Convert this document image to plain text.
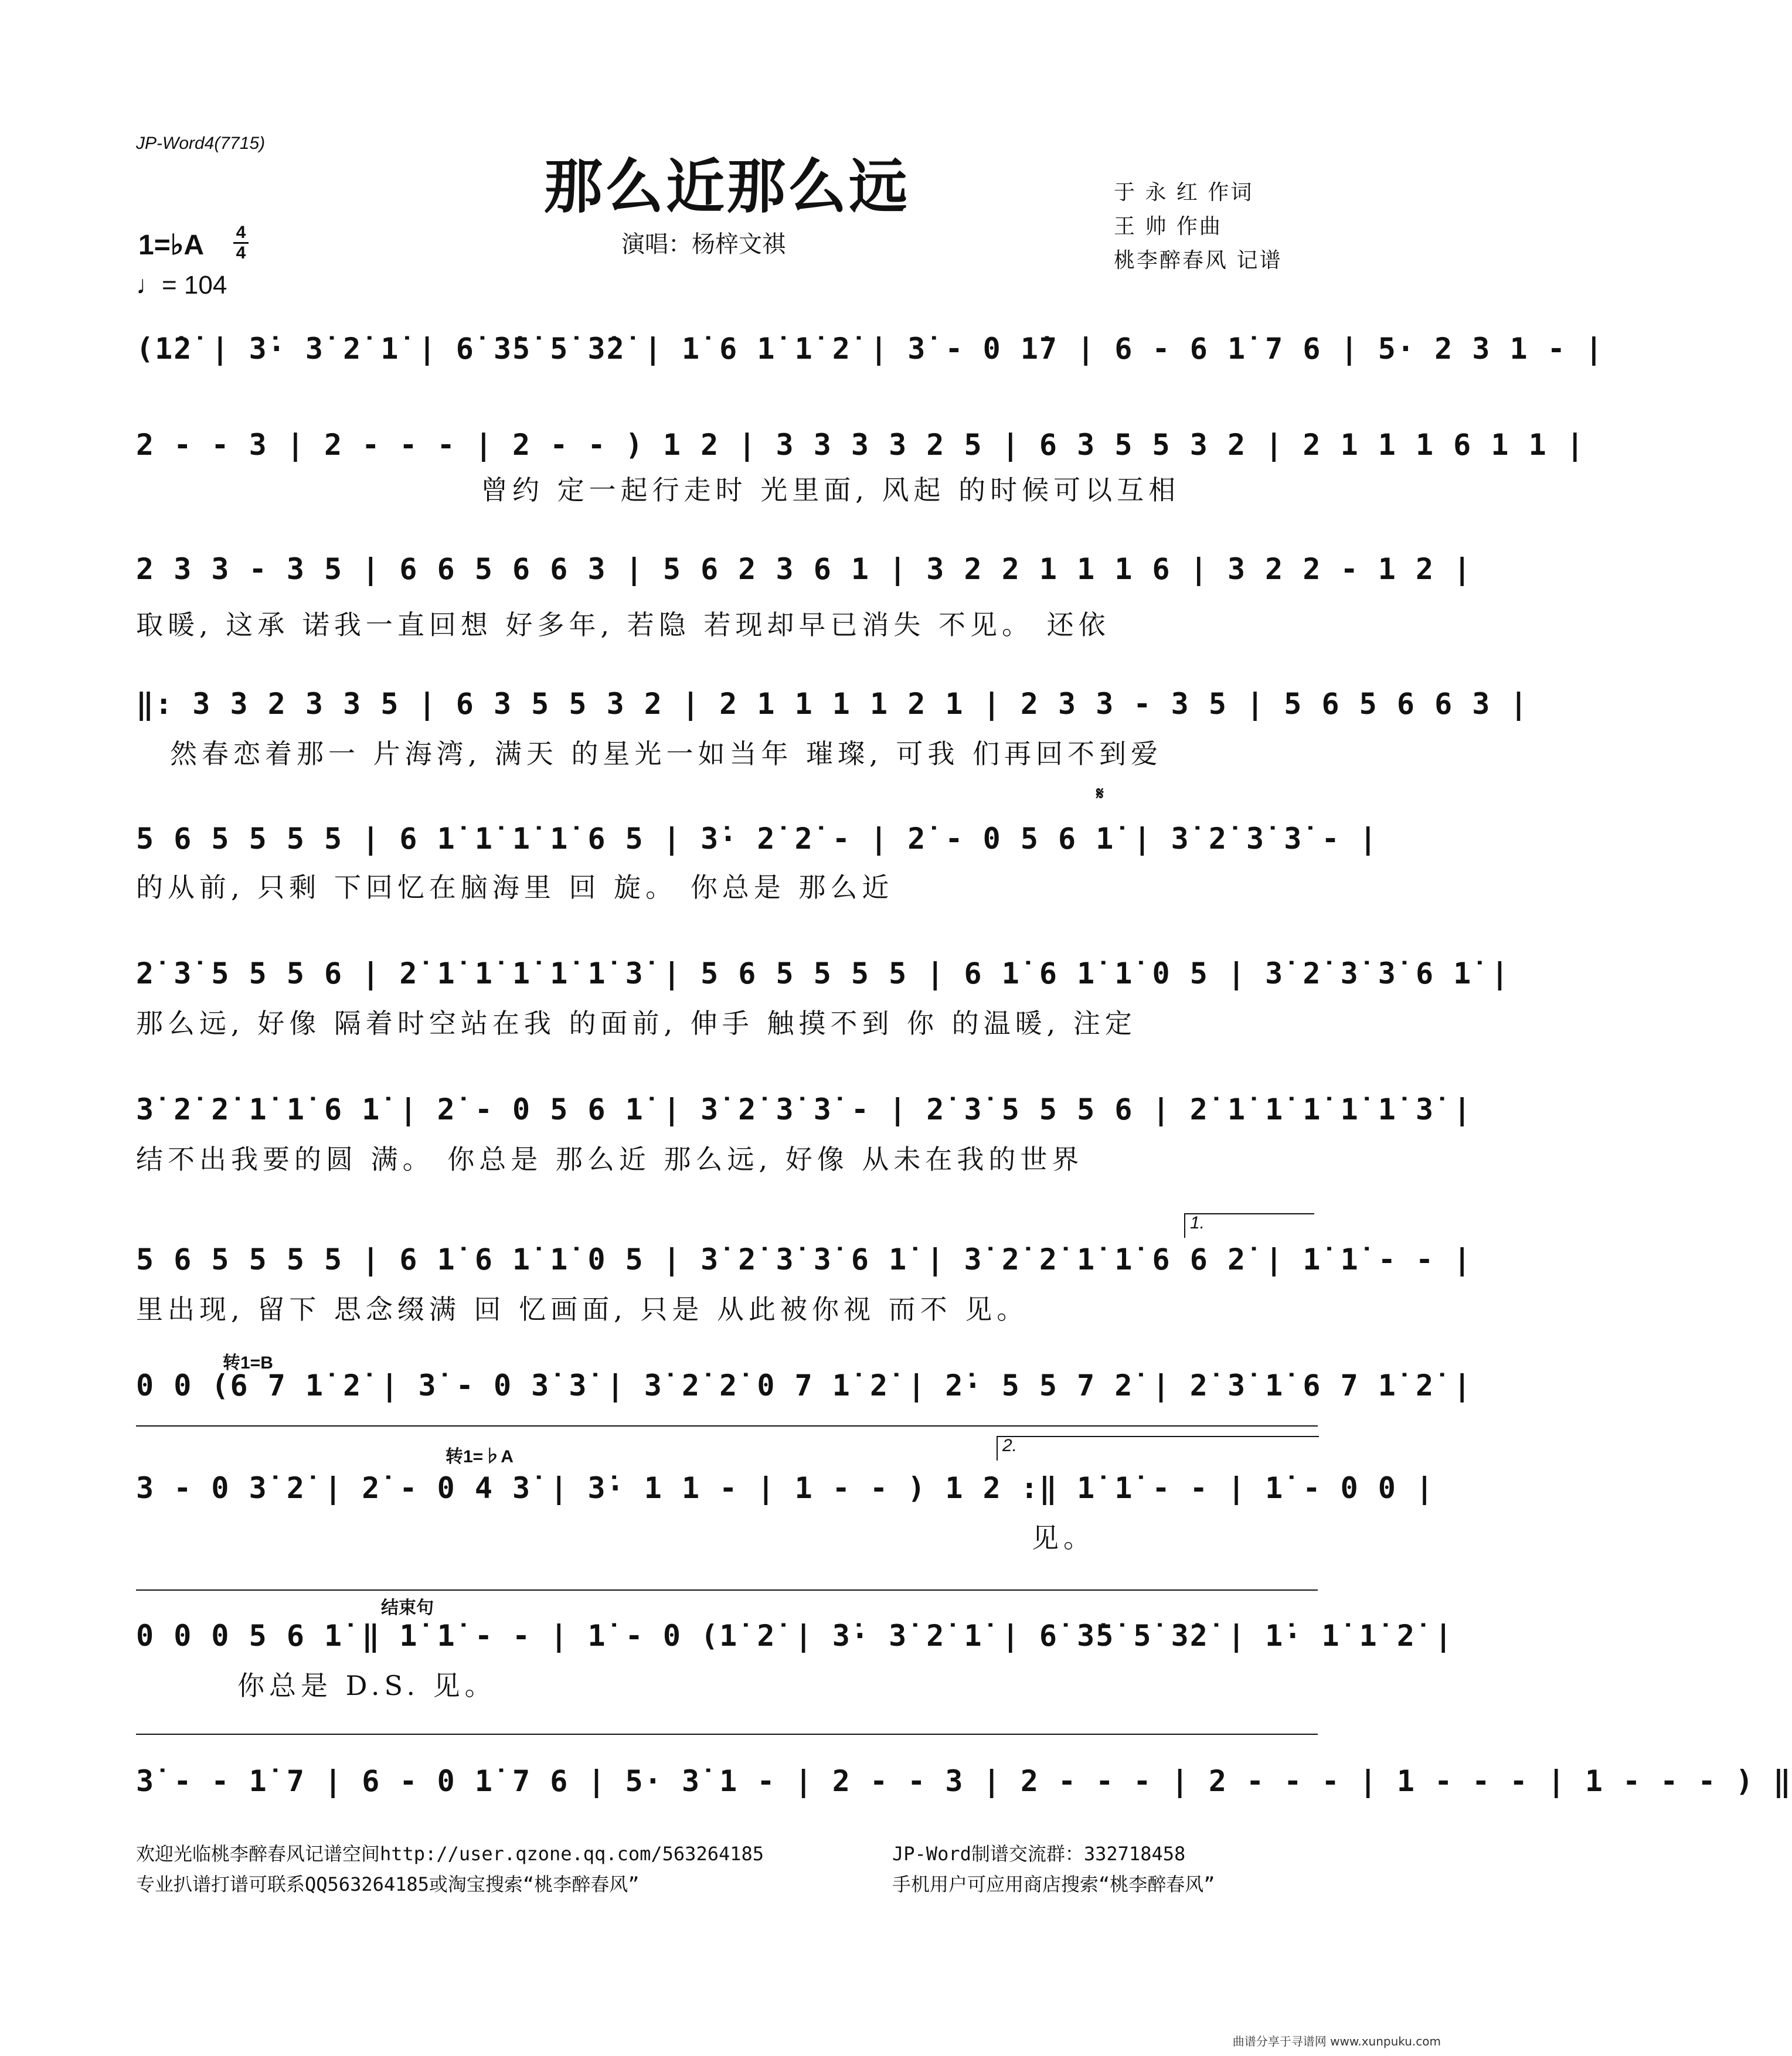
JP-Word4(7715)
那么近那么远
演唱：杨梓文祺
于 永 红 作词
王 帅 作曲
桃李醉春风 记谱
1=♭A 4
4
♩= 104
(1̇2̇ | 3̇· 3̇ 2̇ 1̇ | 6̇ 3̇5̇ 5̇ 3̇2̇ | 1̇ 6 1̇ 1̇ 2̇ | 3̇ - 0 1̇7 | 6 - 6 1̇ 7 6 | 5· 2 3 1 - |
2 - - 3 | 2 - - - | 2 - - ) 1 2 | 3 3 3 3 2 5 | 6 3 5 5 3 2 | 2 1 1 1 6 1 1 |
曾约 定一起行走时 光里面, 风起 的时候可以互相
2 3 3 - 3 5 | 6 6 5 6 6 3 | 5 6 2 3 6 1 | 3 2 2 1 1 1 6 | 3 2 2 - 1 2 |
取暖, 这承 诺我一直回想 好多年, 若隐 若现却早已消失 不见。 还依
‖: 3 3 2 3 3 5 | 6 3 5 5 3 2 | 2 1 1 1 1 2 1 | 2 3 3 - 3 5 | 5 6 5 6 6 3 |
然春恋着那一 片海湾, 满天 的星光一如当年 璀璨, 可我 们再回不到爱
𝄋
5 6 5 5 5 5 | 6 1̇ 1̇ 1̇ 1̇ 6 5 | 3̇· 2̇ 2̇ - | 2̇ - 0 5 6 1̇ | 3̇ 2̇ 3̇ 3̇ - |
的从前, 只剩 下回忆在脑海里 回 旋。 你总是 那么近
2̇ 3̇ 5 5 5 6 | 2̇ 1̇ 1̇ 1̇ 1̇ 1̇ 3̇ | 5 6 5 5 5 5 | 6 1̇ 6 1̇ 1̇ 0 5 | 3̇ 2̇ 3̇ 3̇ 6 1̇ |
那么远, 好像 隔着时空站在我 的面前, 伸手 触摸不到 你 的温暖, 注定
3̇ 2̇ 2̇ 1̇ 1̇ 6 1̇ | 2̇ - 0 5 6 1̇ | 3̇ 2̇ 3̇ 3̇ - | 2̇ 3̇ 5 5 5 6 | 2̇ 1̇ 1̇ 1̇ 1̇ 1̇ 3̇ |
结不出我要的圆 满。 你总是 那么近 那么远, 好像 从未在我的世界
1.
5 6 5 5 5 5 | 6 1̇ 6 1̇ 1̇ 0 5 | 3̇ 2̇ 3̇ 3̇ 6 1̇ | 3̇ 2̇ 2̇ 1̇ 1̇ 6 6 2̇ | 1̇ 1̇ - - |
里出现, 留下 思念缀满 回 忆画面, 只是 从此被你视 而不 见。
转1=B
0 0 (6 7 1̇ 2̇ | 3̇ - 0 3̇ 3̇ | 3̇ 2̇ 2̇ 0 7 1̇ 2̇ | 2̇· 5 5 7 2̇ | 2̇ 3̇ 1̇ 6 7 1̇ 2̇ |
转1=♭A
2.
3 - 0 3̇ 2̇ | 2̇ - 0 4 3̇ | 3̇· 1 1 - | 1 - - ) 1 2 :‖ 1̇ 1̇ - - | 1̇ - 0 0 |
见。
结束句
0 0 0 5 6 1̇ ‖ 1̇ 1̇ - - | 1̇ - 0 (1̇ 2̇ | 3̇· 3̇ 2̇ 1̇ | 6̇ 3̇5̇ 5̇ 3̇2̇ | 1̇· 1̇ 1̇ 2̇ |
你总是 D.S. 见。
3̇ - - 1̇ 7 | 6 - 0 1̇ 7 6 | 5· 3̇ 1 - | 2 - - 3 | 2 - - - | 2 - - - | 1 - - - | 1 - - - ) ‖
欢迎光临桃李醉春风记谱空间http://user.qzone.qq.com/563264185	JP-Word制谱交流群：332718458
专业扒谱打谱可联系QQ563264185或淘宝搜索“桃李醉春风”	手机用户可应用商店搜索“桃李醉春风”
曲谱分享于寻谱网 www.xunpuku.com
